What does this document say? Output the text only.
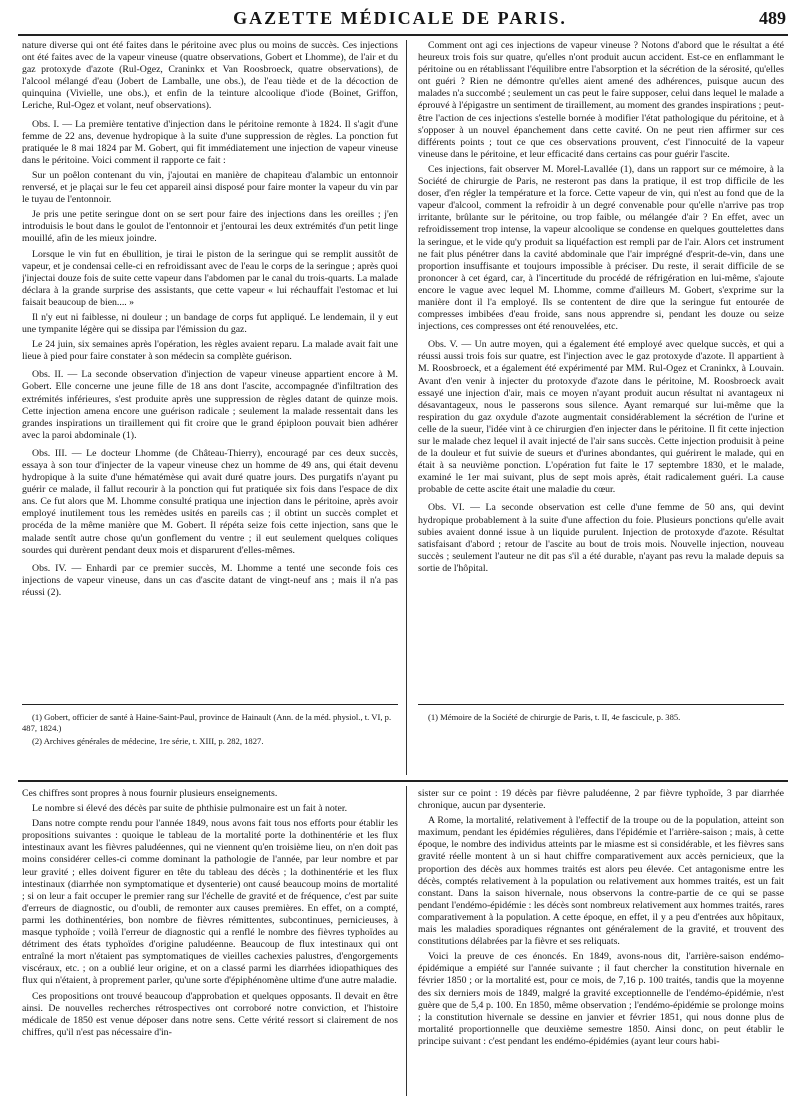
GAZETTE MÉDICALE DE PARIS.	489

nature diverse qui ont été faites dans le péritoine avec plus ou moins de succès. Ces injections ont été faites avec de la vapeur vineuse (quatre observations, Gobert et Lhomme), de l'air et du gaz protoxyde d'azote (Rul-Ogez, Craninkx et Van Roosbroeck, quatre observations), de l'alcool mélangé d'eau (Jobert de Lamballe, une obs.), de l'eau tiède et de la décoction de quinquina (Vivielle, une obs.), et enfin de la teinture alcoolique d'iode (Boinet, Griffon, Leriche, Rul-Ogez et volant, neuf observations).

Obs. I. — La première tentative d'injection dans le péritoine remonte à 1824. Il s'agit d'une femme de 22 ans, devenue hydropique à la suite d'une suppression de règles. La ponction fut pratiquée le 8 mai 1824 par M. Gobert, qui fit immédiatement une injection de vapeur vineuse dans le péritoine. Voici comment il rapporte ce fait :

Sur un poêlon contenant du vin, j'ajoutai en manière de chapiteau d'alambic un entonnoir renversé, et je plaçai sur le feu cet appareil ainsi disposé pour faire monter la vapeur du vin par le tuyau de l'entonnoir.

Je pris une petite seringue dont on se sert pour faire des injections dans les oreilles ; j'en introduisis le bout dans le goulot de l'entonnoir et j'entourai les deux extrémités d'un petit linge mouillé, afin de les mieux joindre.

Lorsque le vin fut en ébullition, je tirai le piston de la seringue qui se remplit aussitôt de vapeur, et je condensai celle-ci en refroidissant avec de l'eau le corps de la seringue ; après quoi j'injectai douze fois de suite cette vapeur dans l'abdomen par le canal du trois-quarts. La malade déclara à la grande surprise des assistants, que cette vapeur « lui réchauffait l'estomac et lui faisait beaucoup de bien.... »

Il n'y eut ni faiblesse, ni douleur ; un bandage de corps fut appliqué. Le lendemain, il y eut une tympanite légère qui se dissipa par l'émission du gaz.

Le 24 juin, six semaines après l'opération, les règles avaient reparu. La malade avait fait une lieue à pied pour faire constater à son médecin sa complète guérison.

Obs. II. — La seconde observation d'injection de vapeur vineuse appartient encore à M. Gobert. Elle concerne une jeune fille de 18 ans dont l'ascite, accompagnée d'infiltration des extrémités inférieures, s'est produite après une suppression de règles datant de quinze mois. Cette injection amena encore une guérison radicale ; seulement la malade ressentait dans les grandes inspirations un tiraillement qui fit croire que le grand épiploon pouvait bien adhérer avec la paroi abdominale (1).

Obs. III. — Le docteur Lhomme (de Château-Thierry), encouragé par ces deux succès, essaya à son tour d'injecter de la vapeur vineuse chez un homme de 49 ans, qui était devenu hydropique à la suite d'une hématémèse qui avait duré quatre jours. Des purgatifs n'ayant pu guérir ce malade, il fallut recourir à la ponction qui fut pratiquée six fois dans l'espace de dix ans. Ce fut alors que M. Lhomme consulté pratiqua une injection dans le péritoine, après avoir employé inutilement tous les remèdes usités en pareils cas ; il obtint un succès complet et procéda de la même manière que M. Gobert. Il répéta seize fois cette injection, sans que le malade sentît autre chose qu'un gonflement du ventre ; il eut seulement quelques coliques sourdes qui durèrent pendant deux mois et disparurent d'elles-mêmes.

Obs. IV. — Enhardi par ce premier succès, M. Lhomme a tenté une seconde fois ces injections de vapeur vineuse, dans un cas d'ascite datant de vingt-neuf ans ; mais il n'a pas réussi (2).

Comment ont agi ces injections de vapeur vineuse ? Notons d'abord que le résultat a été heureux trois fois sur quatre, qu'elles n'ont produit aucun accident. Est-ce en enflammant le péritoine ou en rétablissant l'équilibre entre l'absorption et la sécrétion de la sérosité, qu'elles ont guéri ? Rien ne démontre qu'elles aient amené des adhérences, puisque aucun des malades n'a succombé ; seulement un cas peut le faire supposer, celui dans lequel le malade a éprouvé à l'épigastre un sentiment de tiraillement, au moment des grandes inspirations ; peut-être l'action de ces injections s'estelle bornée à modifier l'état pathologique du péritoine, et à s'opposer à un nouvel épanchement dans cette cavité. On ne peut rien affirmer sur ces différents points ; tout ce que ces observations prouvent, c'est l'innocuité de la vapeur vineuse dans le péritoine, et leur efficacité dans certains cas pour guérir l'ascite.

Ces injections, fait observer M. Morel-Lavallée (1), dans un rapport sur ce mémoire, à la Société de chirurgie de Paris, ne resteront pas dans la pratique, il est trop difficile de les doser, d'en régler la température et la force. Cette vapeur de vin, qui n'est au fond que de la vapeur d'alcool, comment la refroidir à un degré convenable pour qu'elle n'arrive pas trop irritante, brûlante sur le péritoine, ou trop faible, ou mélangée d'air ? En effet, avec un refroidissement trop intense, la vapeur alcoolique se condense en quelques gouttelettes dans la seringue, et le vide qu'y produit sa liquéfaction est rempli par de l'air. Alors cet instrument ne fait plus pénétrer dans la cavité abdominale que l'air imprégné d'esprit-de-vin, dans une proportion insuffisante et toujours impossible à préciser. Du reste, il serait difficile de se prononcer à cet égard, car, à l'incertitude du procédé de réfrigération en lui-même, s'ajoute encore le vague avec lequel M. Lhomme, comme d'ailleurs M. Gobert, s'exprime sur la manière dont il l'a employé. Ils se contentent de dire que la seringue fut entourée de compresses imbibées d'eau froide, sans nous apprendre si, pendant les douze ou seize injections, ces compresses ont été renouvelées, etc.

Obs. V. — Un autre moyen, qui a également été employé avec quelque succès, et qui a réussi aussi trois fois sur quatre, est l'injection avec le gaz protoxyde d'azote. Il appartient à M. Roosbroeck, et a également été expérimenté par MM. Rul-Ogez et Craninkx, à Louvain. Avant d'en venir à injecter du protoxyde d'azote dans le péritoine, M. Roosbroeck avait essayé une injection d'air, mais ce moyen n'ayant produit aucun résultat ni avantageux ni désavantageux, nous le passerons sous silence. Ayant remarqué sur lui-même que la respiration du gaz oxydule d'azote augmentait considérablement la sécrétion de l'urine et celle de la sueur, l'idée vint à ce chirurgien d'en injecter dans le péritoine. Il fit cette injection sur le malade chez lequel il avait injecté de l'air sans succès. Cette injection produisit à peine de la douleur et fut suivie de sueurs et d'urines abondantes, qui guérirent le malade, qui en était à sa neuvième ponction. L'opération fut faite le 17 septembre 1830, et le malade, examiné le 1er mai suivant, plus de sept mois après, était radicalement guéri. La cause probable de cette ascite était une maladie du cœur.

Obs. VI. — La seconde observation est celle d'une femme de 50 ans, qui devint hydropique probablement à la suite d'une affection du foie. Plusieurs ponctions qu'elle avait subies avaient donné issue à un liquide purulent. Injection de protoxyde d'azote. Résultat satisfaisant d'abord ; retour de l'ascite au bout de trois mois. Nouvelle injection, nouveau succès ; seulement l'auteur ne dit pas s'il a été durable, n'ayant pas revu la malade depuis sa sortie de l'hôpital.

(1) Gobert, officier de santé à Haine-Saint-Paul, province de Hainault (Ann. de la méd. physiol., t. VI, p. 487, 1824.)

(2) Archives générales de médecine, 1re série, t. XIII, p. 282, 1827.

(1) Mémoire de la Société de chirurgie de Paris, t. II, 4e fascicule, p. 385.

Ces chiffres sont propres à nous fournir plusieurs enseignements.

Le nombre si élevé des décès par suite de phthisie pulmonaire est un fait à noter.

Dans notre compte rendu pour l'année 1849, nous avons fait tous nos efforts pour établir les propositions suivantes : quoique le tableau de la mortalité porte la dothinentérie et les flux intestinaux avant les fièvres paludéennes, qui ne viennent qu'en troisième lieu, on n'en doit pas moins considérer celles-ci comme dominant la pathologie de l'année, par leur nombre et par leur gravité ; elles doivent figurer en tête du tableau des décès ; la dothinentérie et les flux intestinaux (diarrhée non symptomatique et dysenterie) ont causé beaucoup moins de mortalité ; si on leur a fait occuper le premier rang sur l'échelle de gravité et de fréquence, c'est par suite d'erreurs de diagnostic, ou d'oubli, de remonter aux causes premières. En effet, on a compté, parmi les dothinentéries, bon nombre de fièvres rémittentes, subcontinues, pernicieuses, à masque typhoïde ; voilà l'erreur de diagnostic qui a renflé le nombre des fièvres typhoïdes au détriment des états typhoïdes d'origine paludéenne. Beaucoup de flux intestinaux qui ont entraîné la mort n'étaient pas symptomatiques de vieilles cachexies palustres, d'engorgements viscéraux, etc. ; on a oublié leur origine, et on a classé parmi les diarrhées idiopathiques des flux qui n'étaient, à proprement parler, qu'une sorte d'épiphénomène ultime d'une autre maladie.

Ces propositions ont trouvé beaucoup d'approbation et quelques opposants. Il devait en être ainsi. De nouvelles recherches rétrospectives ont corroboré notre conviction, et l'histoire médicale de 1850 est venue déposer dans notre sens. Cette vérité ressort si clairement de nos chiffres, qu'il n'est pas nécessaire d'in-

sister sur ce point : 19 décès par fièvre paludéenne, 2 par fièvre typhoïde, 3 par diarrhée chronique, aucun par dysenterie.

A Rome, la mortalité, relativement à l'effectif de la troupe ou de la population, atteint son maximum, pendant les épidémies régulières, dans l'épidémie et l'arrière-saison ; mais, à cette époque, le nombre des individus atteints par le miasme est si considérable, et les fièvres sans gravité réelle montent à un si haut chiffre comparativement aux accès pernicieux, que la proportion des décès aux hommes traités est alors peu élevée. Cet antagonisme entre les décès, comptés relativement à la population ou relativement aux hommes traités, est un fait constant. Dans la saison hivernale, nous observons la contre-partie de ce qui se passe pendant l'endémo-épidémie : les décès sont nombreux relativement aux hommes traités, rares comparativement à la population. A cette époque, en effet, il y a peu d'entrées aux hôpitaux, mais les maladies sporadiques régnantes ont généralement de la gravité, et trouvent des constitutions délabrées par la fièvre et ses reliquats.

Voici la preuve de ces énoncés. En 1849, avons-nous dit, l'arrière-saison endémo-épidémique a empiété sur l'année suivante ; il faut chercher la constitution hivernale en février 1850 ; or la mortalité est, pour ce mois, de 7,16 p. 100 traités, tandis que la moyenne des six derniers mois de 1849, malgré la gravité exceptionnelle de l'endémo-épidémie, n'est guère que de 5,4 p. 100. En 1850, même observation ; l'endémo-épidémie se prolonge moins ; la constitution hivernale se dessine en janvier et février 1851, qui nous donne plus de mortalité proportionnelle que deuxième semestre 1850. Ainsi donc, on peut établir le principe suivant : c'est pendant les endémo-épidémies (ayant leur cours habi-
